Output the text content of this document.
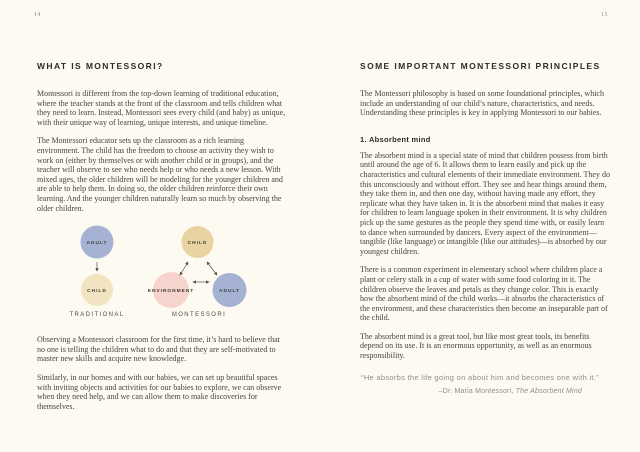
14	15
WHAT IS MONTESSORI?

Montessori is different from the top-down learning of traditional education, where the teacher stands at the front of the classroom and tells children what they need to learn. Instead, Montessori sees every child (and baby) as unique, with their unique way of learning, unique interests, and unique timeline.

The Montessori educator sets up the classroom as a rich learning environment. The child has the freedom to choose an activity they wish to work on (either by themselves or with another child or in groups), and the teacher will observe to see who needs help or who needs a new lesson. With mixed ages, the older children will be modeling for the younger children and are able to help them. In doing so, the older children reinforce their own learning. And the younger children naturally learn so much by observing the older children.

ADULT
CHILD
TRADITIONAL
CHILD
ENVIRONMENT	ADULT
MONTESSORI

Observing a Montessori classroom for the first time, it’s hard to believe that no one is telling the children what to do and that they are self-motivated to master new skills and acquire new knowledge.

Similarly, in our homes and with our babies, we can set up beautiful spaces with inviting objects and activities for our babies to explore, we can observe when they need help, and we can allow them to make discoveries for themselves.

SOME IMPORTANT MONTESSORI PRINCIPLES

The Montessori philosophy is based on some foundational principles, which include an understanding of our child’s nature, characteristics, and needs. Understanding these principles is key in applying Montessori to our babies.

1. Absorbent mind

The absorbent mind is a special state of mind that children possess from birth until around the age of 6. It allows them to learn easily and pick up the characteristics and cultural elements of their immediate environment. They do this unconsciously and without effort. They see and hear things around them, they take them in, and then one day, without having made any effort, they replicate what they have taken in. It is the absorbent mind that makes it easy for children to learn language spoken in their environment. It is why children pick up the same gestures as the people they spend time with, or easily learn to dance when surrounded by dancers. Every aspect of the environment—tangible (like language) or intangible (like our attitudes)—is absorbed by our youngest children.

There is a common experiment in elementary school where children place a plant or celery stalk in a cup of water with some food coloring in it. The children observe the leaves and petals as they change color. This is exactly how the absorbent mind of the child works—it absorbs the characteristics of the environment, and these characteristics then become an inseparable part of the child.

The absorbent mind is a great tool, but like most great tools, its benefits depend on its use. It is an enormous opportunity, as well as an enormous responsibility.

“He absorbs the life going on about him and becomes one with it.”
–Dr. Maria Montessori, The Absorbent Mind
